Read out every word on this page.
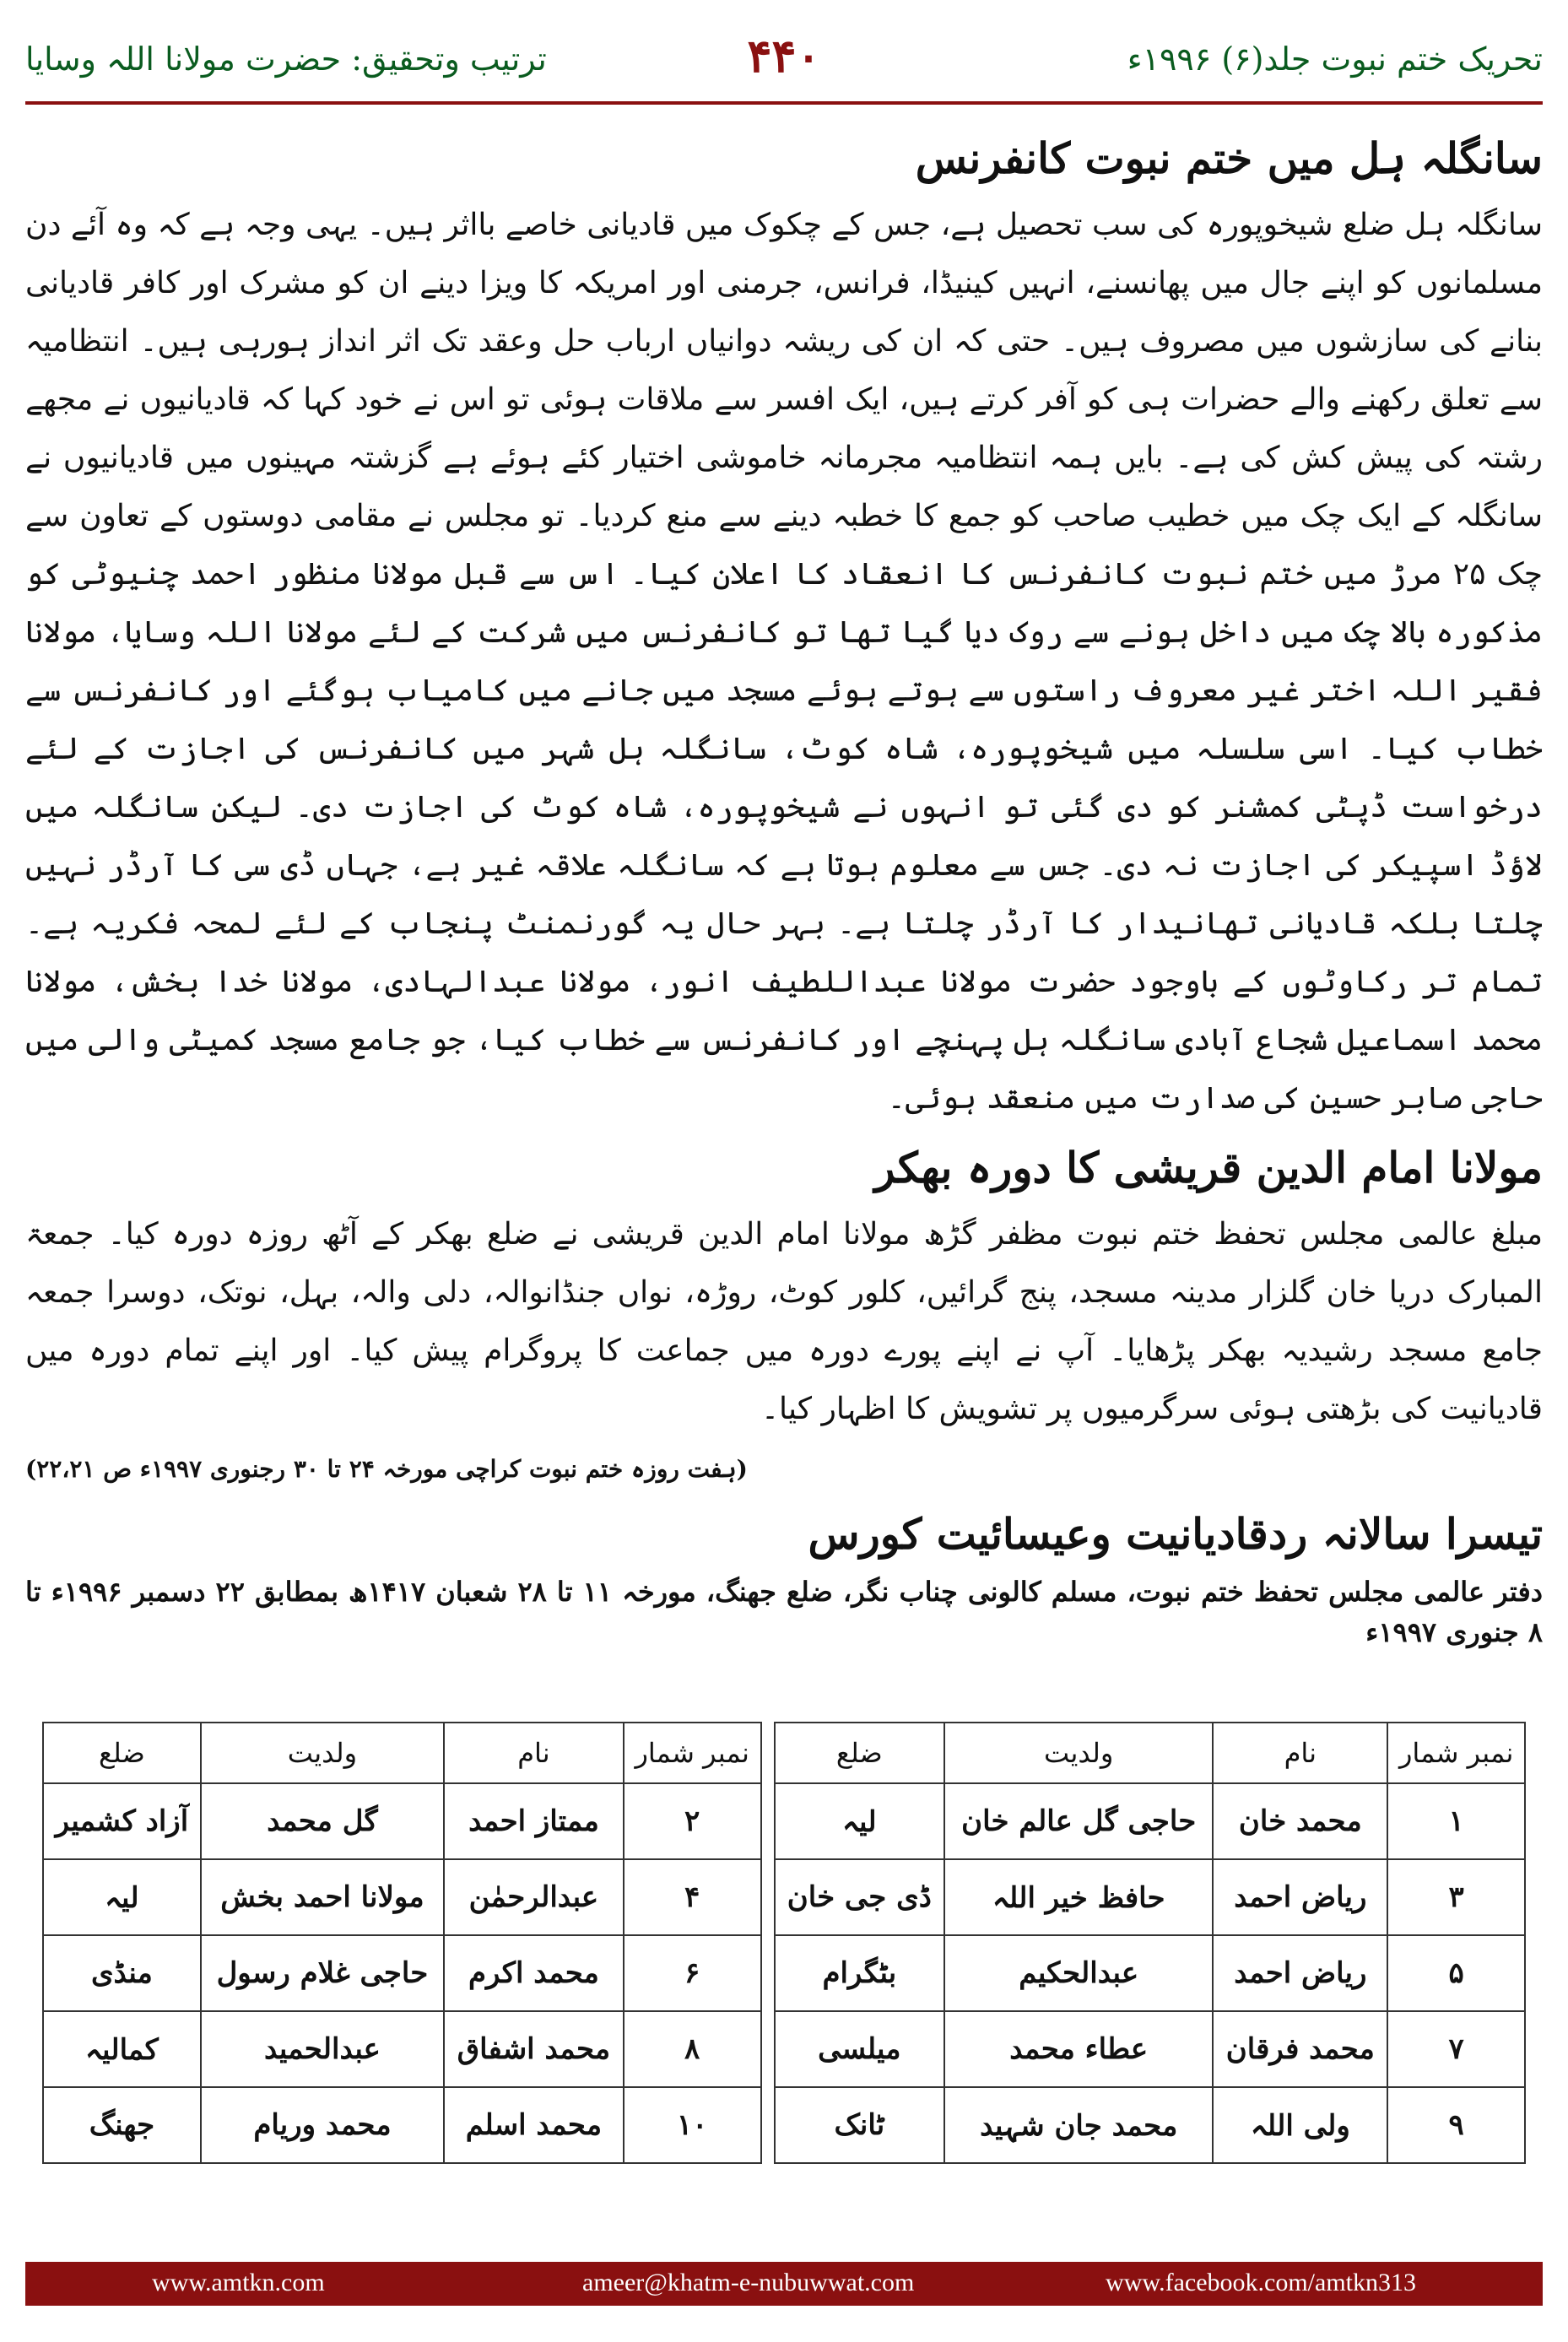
تحریک ختم نبوت جلد(۶) ۱۹۹۶ء
۴۴۰
ترتیب وتحقیق: حضرت مولانا اللہ وسایا
سانگلہ ہل میں ختم نبوت کانفرنس

سانگلہ ہل ضلع شیخوپورہ کی سب تحصیل ہے، جس کے چکوک میں قادیانی خاصے بااثر ہیں۔ یہی وجہ ہے کہ وہ آئے دن مسلمانوں کو اپنے جال میں پھانسنے، انہیں کینیڈا، فرانس، جرمنی اور امریکہ کا ویزا دینے ان کو مشرک اور کافر قادیانی بنانے کی سازشوں میں مصروف ہیں۔ حتی کہ ان کی ریشہ دوانیاں ارباب حل وعقد تک اثر انداز ہورہی ہیں۔ انتظامیہ سے تعلق رکھنے والے حضرات ہی کو آفر کرتے ہیں، ایک افسر سے ملاقات ہوئی تو اس نے خود کہا کہ قادیانیوں نے مجھے رشتہ کی پیش کش کی ہے۔ بایں ہمہ انتظامیہ مجرمانہ خاموشی اختیار کئے ہوئے ہے گزشتہ مہینوں میں قادیانیوں نے سانگلہ کے ایک چک میں خطیب صاحب کو جمع کا خطبہ دینے سے منع کردیا۔ تو مجلس نے مقامی دوستوں کے تعاون سے چک ۲۵ مرڑ میں ختم نبوت کانفرنس کا انعقاد کا اعلان کیا۔ اس سے قبل مولانا منظور احمد چنیوٹی کو مذکورہ بالا چک میں داخل ہونے سے روک دیا گیا تھا تو کانفرنس میں شرکت کے لئے مولانا اللہ وسایا، مولانا فقیر اللہ اختر غیر معروف راستوں سے ہوتے ہوئے مسجد میں جانے میں کامیاب ہوگئے اور کانفرنس سے خطاب کیا۔ اسی سلسلہ میں شیخوپورہ، شاہ کوٹ، سانگلہ ہل شہر میں کانفرنس کی اجازت کے لئے درخواست ڈپٹی کمشنر کو دی گئی تو انہوں نے شیخوپورہ، شاہ کوٹ کی اجازت دی۔ لیکن سانگلہ میں لاؤڈ اسپیکر کی اجازت نہ دی۔ جس سے معلوم ہوتا ہے کہ سانگلہ علاقہ غیر ہے، جہاں ڈی سی کا آرڈر نہیں چلتا بلکہ قادیانی تھانیدار کا آرڈر چلتا ہے۔ بہر حال یہ گورنمنٹ پنجاب کے لئے لمحہ فکریہ ہے۔ تمام تر رکاوٹوں کے باوجود حضرت مولانا عبداللطیف انور، مولانا عبدالہادی، مولانا خدا بخش، مولانا محمد اسماعیل شجاع آبادی سانگلہ ہل پہنچے اور کانفرنس سے خطاب کیا، جو جامع مسجد کمیٹی والی میں حاجی صابر حسین کی صدارت میں منعقد ہوئی۔

مولانا امام الدین قریشی کا دورہ بھکر

مبلغ عالمی مجلس تحفظ ختم نبوت مظفر گڑھ مولانا امام الدین قریشی نے ضلع بھکر کے آٹھ روزہ دورہ کیا۔ جمعۃ المبارک دریا خان گلزار مدینہ مسجد، پنج گرائیں، کلور کوٹ، روڑہ، نواں جنڈانوالہ، دلی والہ، بہل، نوتک، دوسرا جمعہ جامع مسجد رشیدیہ بھکر پڑھایا۔ آپ نے اپنے پورے دورہ میں جماعت کا پروگرام پیش کیا۔ اور اپنے تمام دورہ میں قادیانیت کی بڑھتی ہوئی سرگرمیوں پر تشویش کا اظہار کیا۔

(ہفت روزہ ختم نبوت کراچی مورخہ ۲۴ تا ۳۰ رجنوری ۱۹۹۷ء ص ۲۲،۲۱)
تیسرا سالانہ ردقادیانیت وعیسائیت کورس
دفتر عالمی مجلس تحفظ ختم نبوت، مسلم کالونی چناب نگر، ضلع جھنگ، مورخہ ۱۱ تا ۲۸ شعبان ۱۴۱۷ھ بمطابق ۲۲ دسمبر ۱۹۹۶ء تا ۸ جنوری ۱۹۹۷ء
نمبر شمار	نام	ولدیت	ضلع		نمبر شمار	نام	ولدیت	ضلع
۱	محمد خان	حاجی گل عالم خان	لیہ		۲	ممتاز احمد	گل محمد	آزاد کشمیر
۳	ریاض احمد	حافظ خیر اللہ	ڈی جی خان		۴	عبدالرحمٰن	مولانا احمد بخش	لیہ
۵	ریاض احمد	عبدالحکیم	بٹگرام		۶	محمد اکرم	حاجی غلام رسول	منڈی
۷	محمد فرقان	عطاء محمد	میلسی		۸	محمد اشفاق	عبدالحمید	کمالیہ
۹	ولی اللہ	محمد جان شہید	ٹانک		۱۰	محمد اسلم	محمد وریام	جھنگ
www.amtkn.com	ameer@khatm-e-nubuwwat.com	www.facebook.com/amtkn313
